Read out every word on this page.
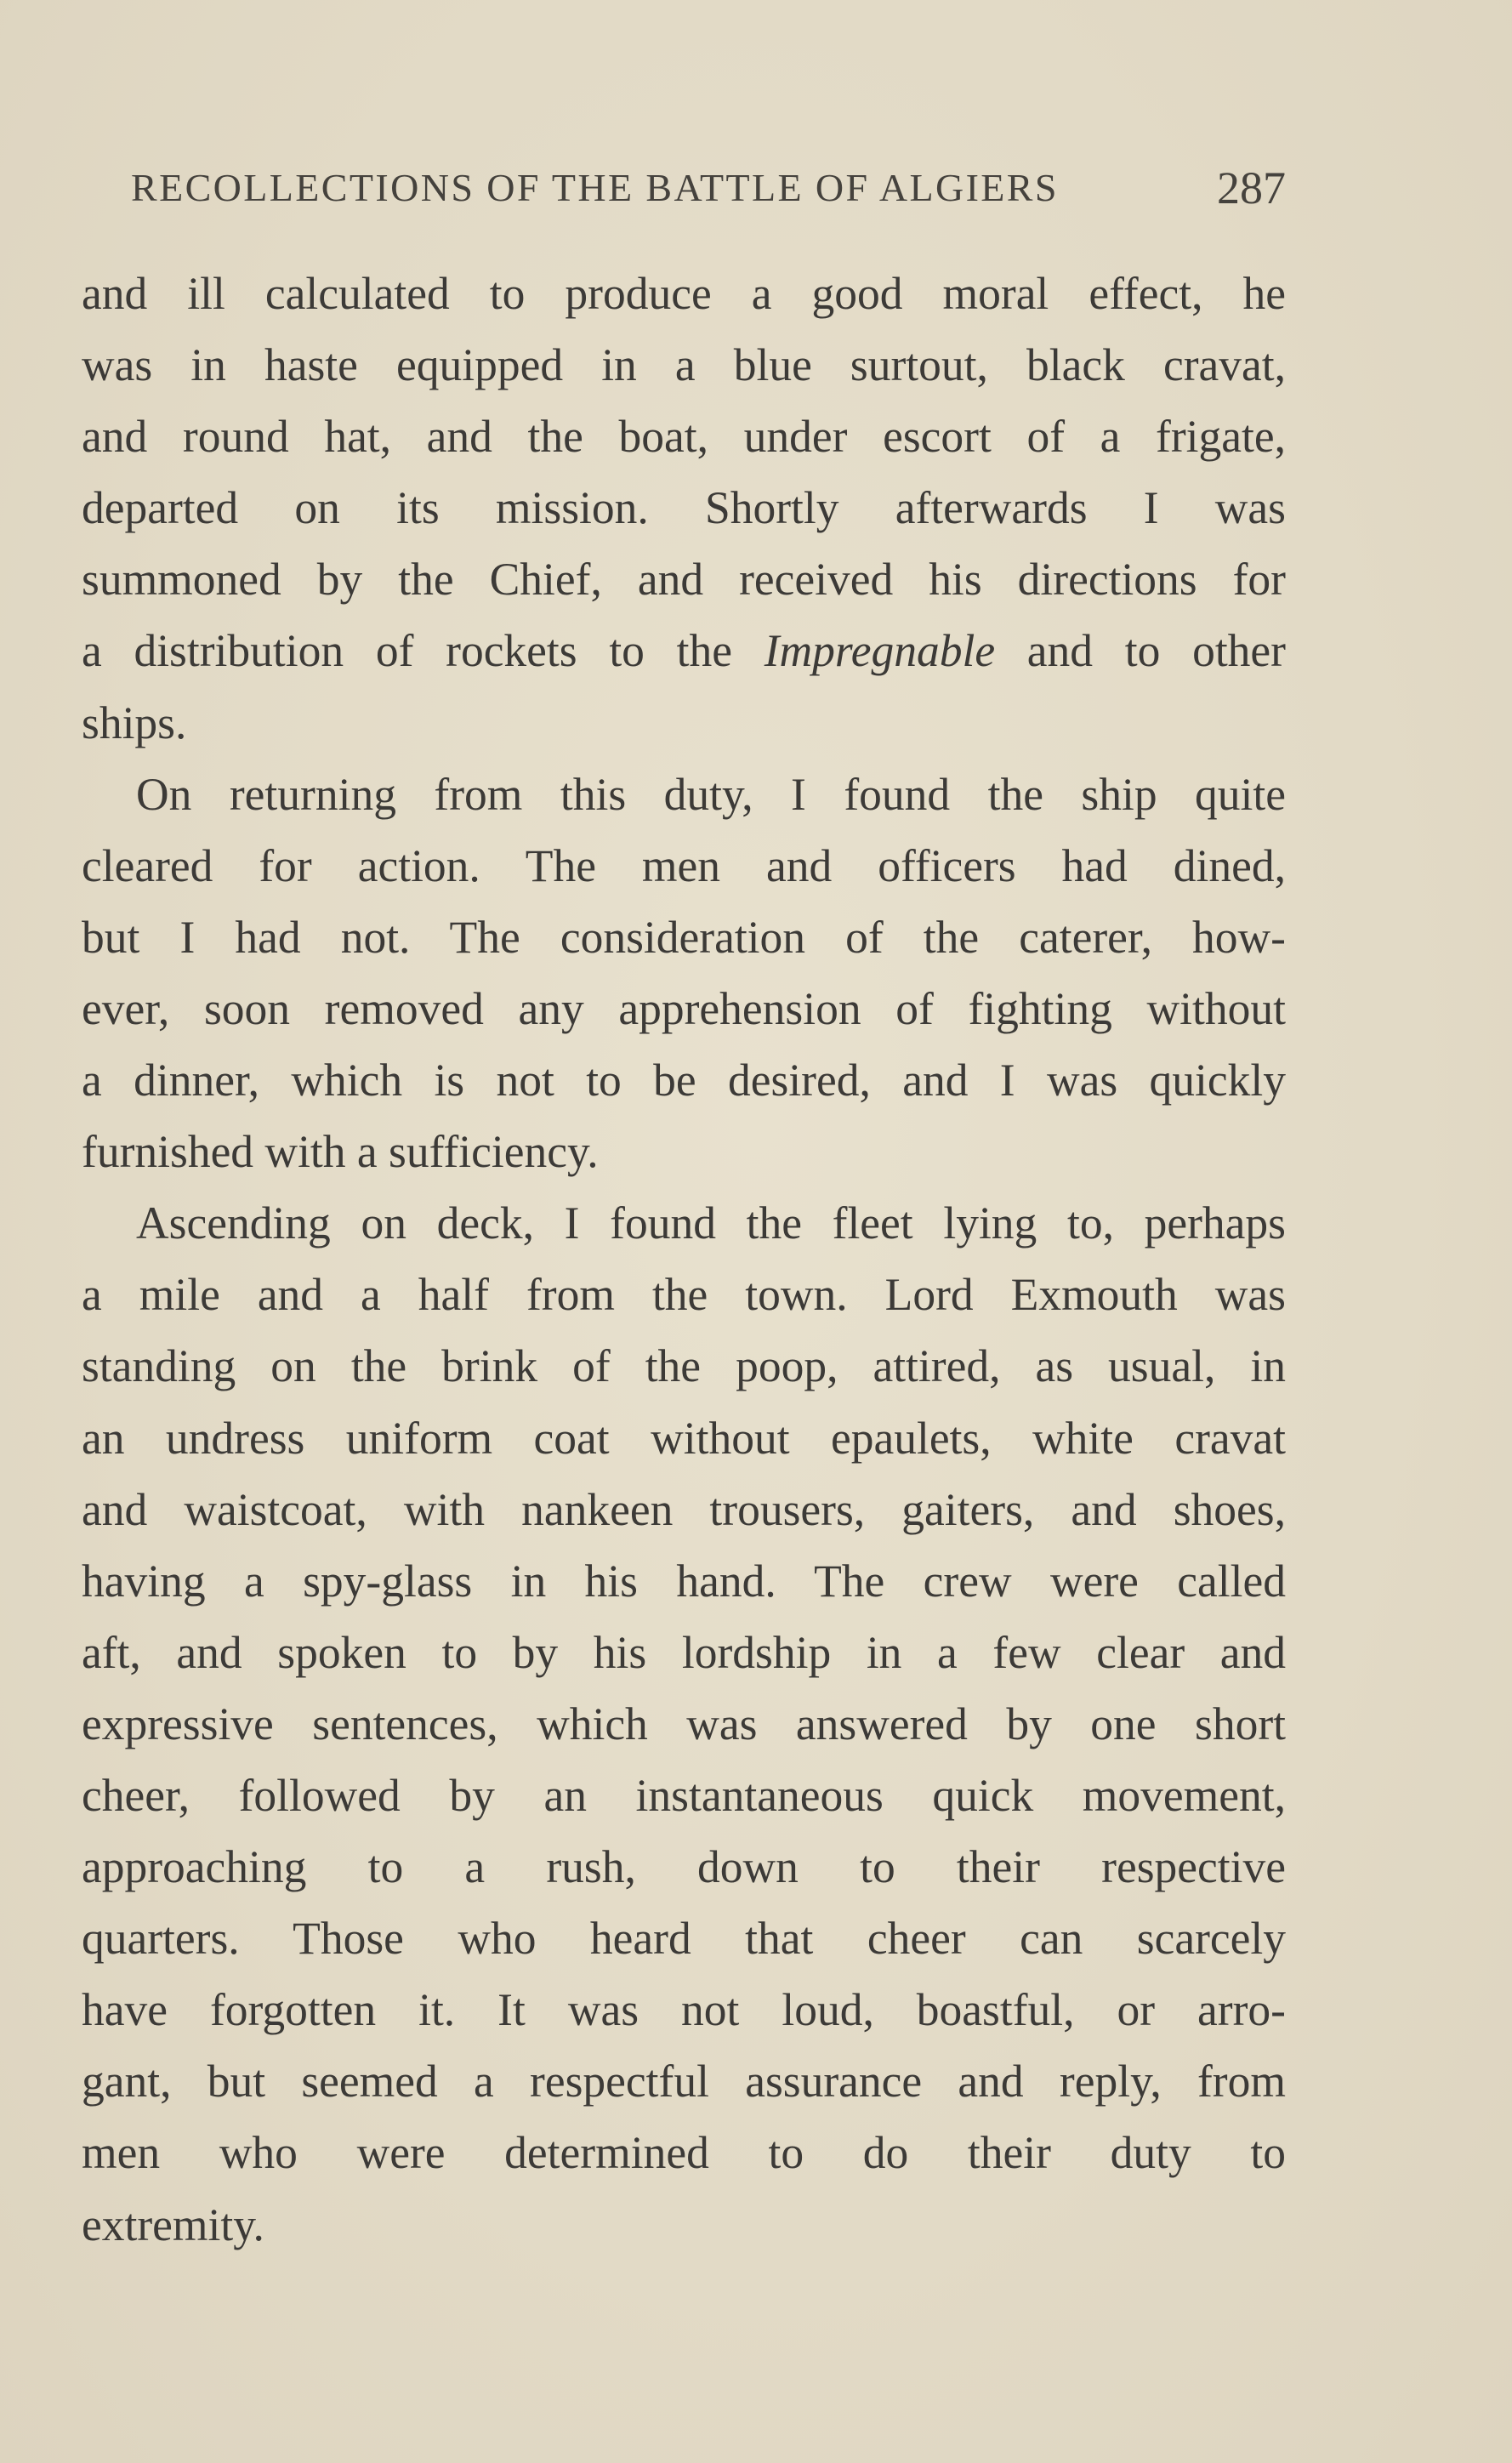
RECOLLECTIONS OF THE BATTLE OF ALGIERS	287
and ill calculated to produce a good moral effect, he
was in haste equipped in a blue surtout, black cravat,
and round hat, and the boat, under escort of a frigate,
departed on its mission. Shortly afterwards I was
summoned by the Chief, and received his directions for
a distribution of rockets to the Impregnable and to other
ships.
On returning from this duty, I found the ship quite
cleared for action. The men and officers had dined,
but I had not. The consideration of the caterer, how-
ever, soon removed any apprehension of fighting without
a dinner, which is not to be desired, and I was quickly
furnished with a sufficiency.
Ascending on deck, I found the fleet lying to, perhaps
a mile and a half from the town. Lord Exmouth was
standing on the brink of the poop, attired, as usual, in
an undress uniform coat without epaulets, white cravat
and waistcoat, with nankeen trousers, gaiters, and shoes,
having a spy-glass in his hand. The crew were called
aft, and spoken to by his lordship in a few clear and
expressive sentences, which was answered by one short
cheer, followed by an instantaneous quick movement,
approaching to a rush, down to their respective
quarters. Those who heard that cheer can scarcely
have forgotten it. It was not loud, boastful, or arro-
gant, but seemed a respectful assurance and reply, from
men who were determined to do their duty to
extremity.
